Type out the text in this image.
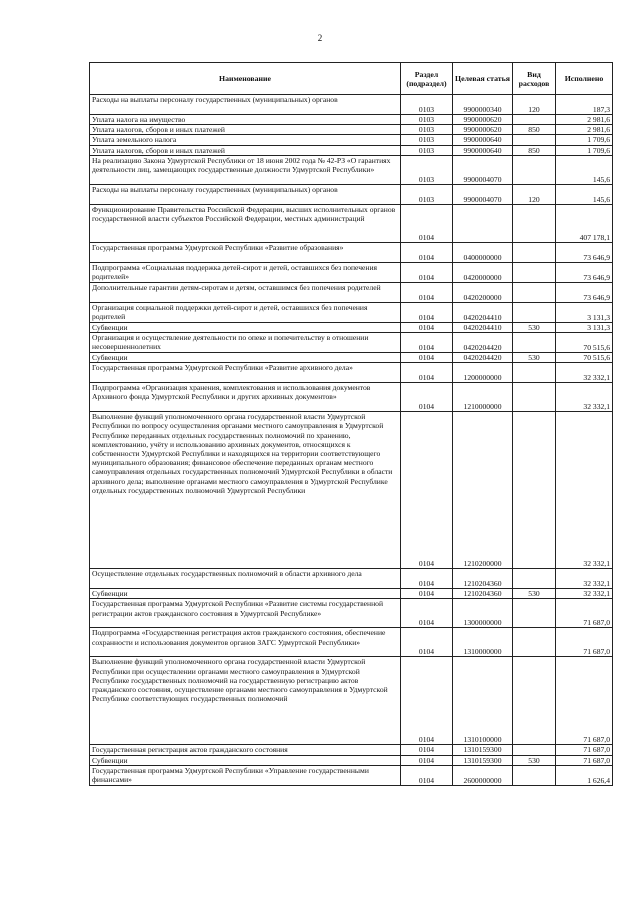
2
Наименование	Раздел (подраздел)	Целевая статья	Вид расходов	Исполнено
Расходы на выплаты персоналу государственных (муниципальных) органов	0103	9900000340	120	187,3
Уплата налога на имущество	0103	9900000620		2 981,6
Уплата налогов, сборов и иных платежей	0103	9900000620	850	2 981,6
Уплата земельного налога	0103	9900000640		1 709,6
Уплата налогов, сборов и иных платежей	0103	9900000640	850	1 709,6
На реализацию Закона Удмуртской Республики от 18 июня 2002 года № 42-РЗ «О гарантиях деятельности лиц, замещающих государственные должности Удмуртской Республики»	0103	9900004070		145,6
Расходы на выплаты персоналу государственных (муниципальных) органов	0103	9900004070	120	145,6
Функционирование Правительства Российской Федерации, высших исполнительных органов государственной власти субъектов Российской Федерации, местных администраций	0104			407 178,1
Государственная программа Удмуртской Республики «Развитие образования»	0104	0400000000		73 646,9
Подпрограмма «Социальная поддержка детей-сирот и детей, оставшихся без попечения родителей»	0104	0420000000		73 646,9
Дополнительные гарантии детям-сиротам и детям, оставшимся без попечения родителей	0104	0420200000		73 646,9
Организация социальной поддержки детей-сирот и детей, оставшихся без попечения родителей	0104	0420204410		3 131,3
Субвенции	0104	0420204410	530	3 131,3
Организация и осуществление деятельности по опеке и попечительству в отношении несовершеннолетних	0104	0420204420		70 515,6
Субвенции	0104	0420204420	530	70 515,6
Государственная программа Удмуртской Республики «Развитие архивного дела»	0104	1200000000		32 332,1
Подпрограмма «Организация хранения, комплектования и использования документов Архивного фонда Удмуртской Республики и других архивных документов»	0104	1210000000		32 332,1
Выполнение функций уполномоченного органа государственной власти Удмуртской Республики по вопросу осуществления органами местного самоуправления в Удмуртской Республике переданных отдельных государственных полномочий по хранению, комплектованию, учёту и использованию архивных документов, относящихся к собственности Удмуртской Республики и находящихся на территории соответствующего муниципального образования; финансовое обеспечение переданных органам местного самоуправления отдельных государственных полномочий Удмуртской Республики в области архивного дела; выполнение органами местного самоуправления в Удмуртской Республике отдельных государственных полномочий Удмуртской Республики	0104	1210200000		32 332,1
Осуществление отдельных государственных полномочий в области архивного дела	0104	1210204360		32 332,1
Субвенции	0104	1210204360	530	32 332,1
Государственная программа Удмуртской Республики «Развитие системы государственной регистрации актов гражданского состояния в Удмуртской Республике»	0104	1300000000		71 687,0
Подпрограмма «Государственная регистрация актов гражданского состояния, обеспечение сохранности и использования документов органов ЗАГС Удмуртской Республики»	0104	1310000000		71 687,0
Выполнение функций уполномоченного органа государственной власти Удмуртской Республики при осуществлении органами местного самоуправления в Удмуртской Республике государственных полномочий на государственную регистрацию актов гражданского состояния, осуществление органами местного самоуправления в Удмуртской Республике соответствующих государственных полномочий	0104	1310100000		71 687,0
Государственная регистрация актов гражданского состояния	0104	1310159300		71 687,0
Субвенции	0104	1310159300	530	71 687,0
Государственная программа Удмуртской Республики «Управление государственными финансами»	0104	2600000000		1 626,4
